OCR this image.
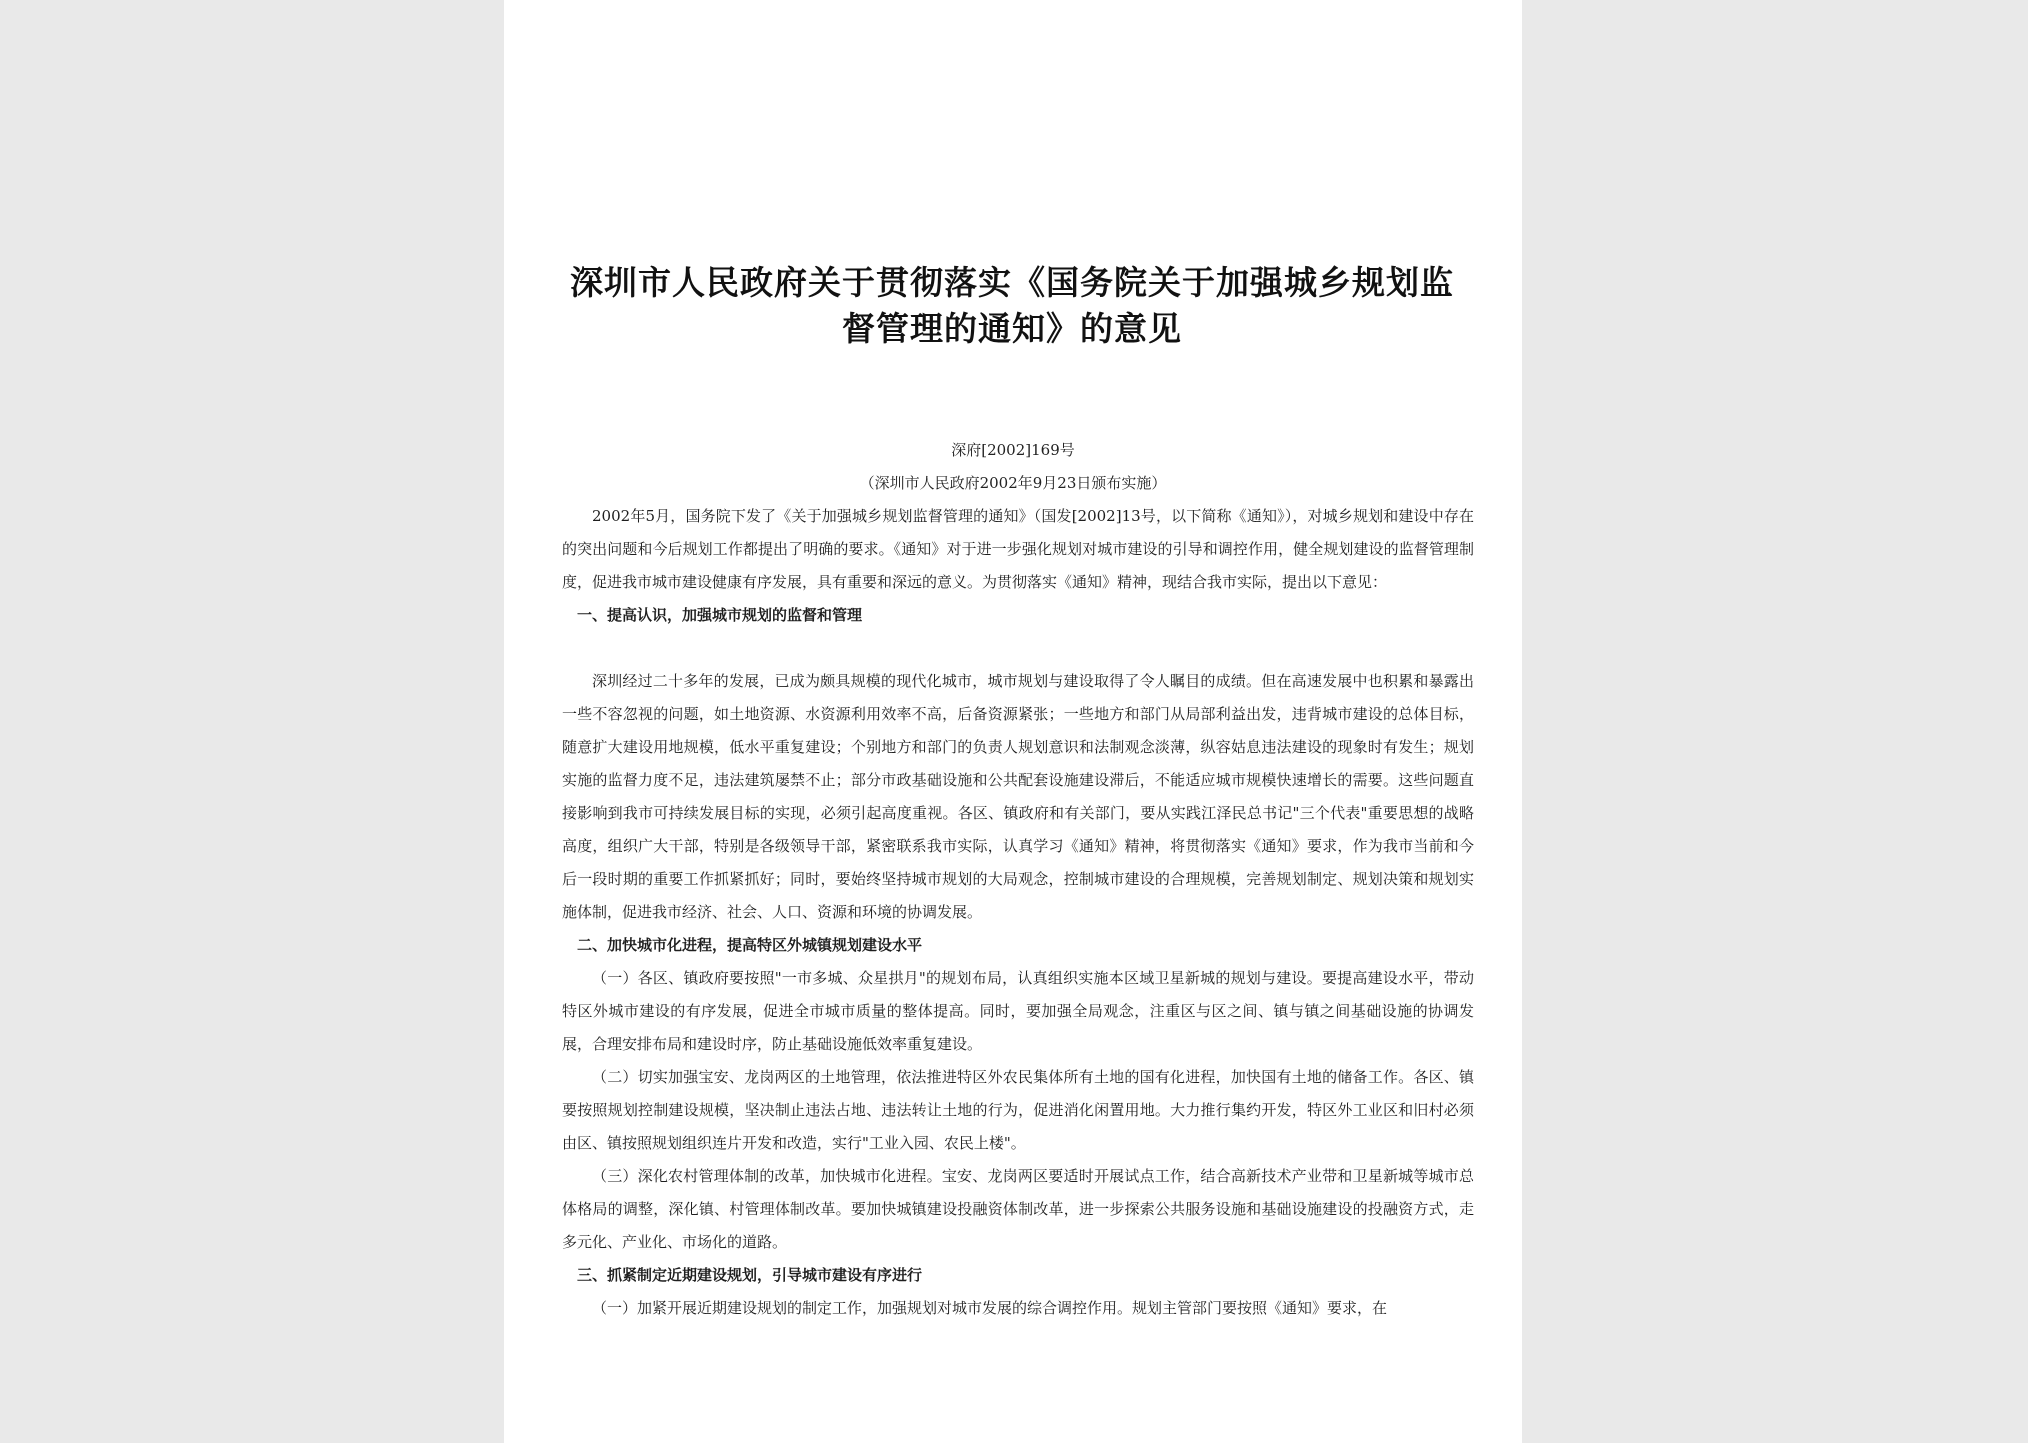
深圳市人民政府关于贯彻落实《国务院关于加强城乡规划监督管理的通知》的意见
深府[2002]169号
（深圳市人民政府2002年9月23日颁布实施）

2002年5月，国务院下发了《关于加强城乡规划监督管理的通知》（国发[2002]13号，以下简称《通知》），对城乡规划和建设中存在的突出问题和今后规划工作都提出了明确的要求。《通知》对于进一步强化规划对城市建设的引导和调控作用，健全规划建设的监督管理制度，促进我市城市建设健康有序发展，具有重要和深远的意义。为贯彻落实《通知》精神，现结合我市实际，提出以下意见：

一、提高认识，加强城市规划的监督和管理

深圳经过二十多年的发展，已成为颇具规模的现代化城市，城市规划与建设取得了令人瞩目的成绩。但在高速发展中也积累和暴露出一些不容忽视的问题，如土地资源、水资源利用效率不高，后备资源紧张；一些地方和部门从局部利益出发，违背城市建设的总体目标，随意扩大建设用地规模，低水平重复建设；个别地方和部门的负责人规划意识和法制观念淡薄，纵容姑息违法建设的现象时有发生；规划实施的监督力度不足，违法建筑屡禁不止；部分市政基础设施和公共配套设施建设滞后，不能适应城市规模快速增长的需要。这些问题直接影响到我市可持续发展目标的实现，必须引起高度重视。各区、镇政府和有关部门，要从实践江泽民总书记"三个代表"重要思想的战略高度，组织广大干部，特别是各级领导干部，紧密联系我市实际，认真学习《通知》精神，将贯彻落实《通知》要求，作为我市当前和今后一段时期的重要工作抓紧抓好；同时，要始终坚持城市规划的大局观念，控制城市建设的合理规模，完善规划制定、规划决策和规划实施体制，促进我市经济、社会、人口、资源和环境的协调发展。

二、加快城市化进程，提高特区外城镇规划建设水平

（一）各区、镇政府要按照"一市多城、众星拱月"的规划布局，认真组织实施本区域卫星新城的规划与建设。要提高建设水平，带动特区外城市建设的有序发展，促进全市城市质量的整体提高。同时，要加强全局观念，注重区与区之间、镇与镇之间基础设施的协调发展，合理安排布局和建设时序，防止基础设施低效率重复建设。

（二）切实加强宝安、龙岗两区的土地管理，依法推进特区外农民集体所有土地的国有化进程，加快国有土地的储备工作。各区、镇要按照规划控制建设规模，坚决制止违法占地、违法转让土地的行为，促进消化闲置用地。大力推行集约开发，特区外工业区和旧村必须由区、镇按照规划组织连片开发和改造，实行"工业入园、农民上楼"。

（三）深化农村管理体制的改革，加快城市化进程。宝安、龙岗两区要适时开展试点工作，结合高新技术产业带和卫星新城等城市总体格局的调整，深化镇、村管理体制改革。要加快城镇建设投融资体制改革，进一步探索公共服务设施和基础设施建设的投融资方式，走多元化、产业化、市场化的道路。

三、抓紧制定近期建设规划，引导城市建设有序进行

（一）加紧开展近期建设规划的制定工作，加强规划对城市发展的综合调控作用。规划主管部门要按照《通知》要求，在
